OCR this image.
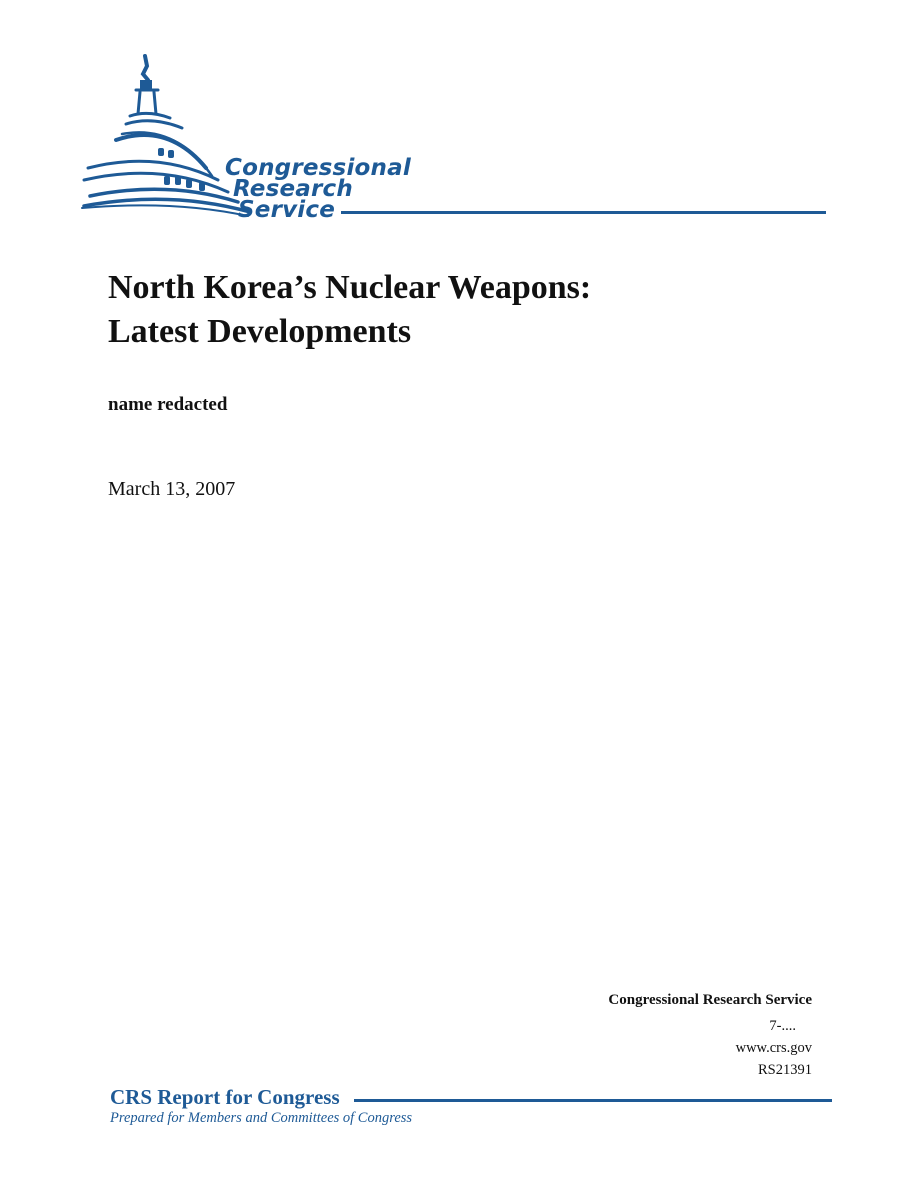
Congressional
Research
Service
North Korea’s Nuclear Weapons:
Latest Developments
name redacted
March 13, 2007
Congressional Research Service
7-....
www.crs.gov
RS21391
CRS Report for Congress
Prepared for Members and Committees of Congress
